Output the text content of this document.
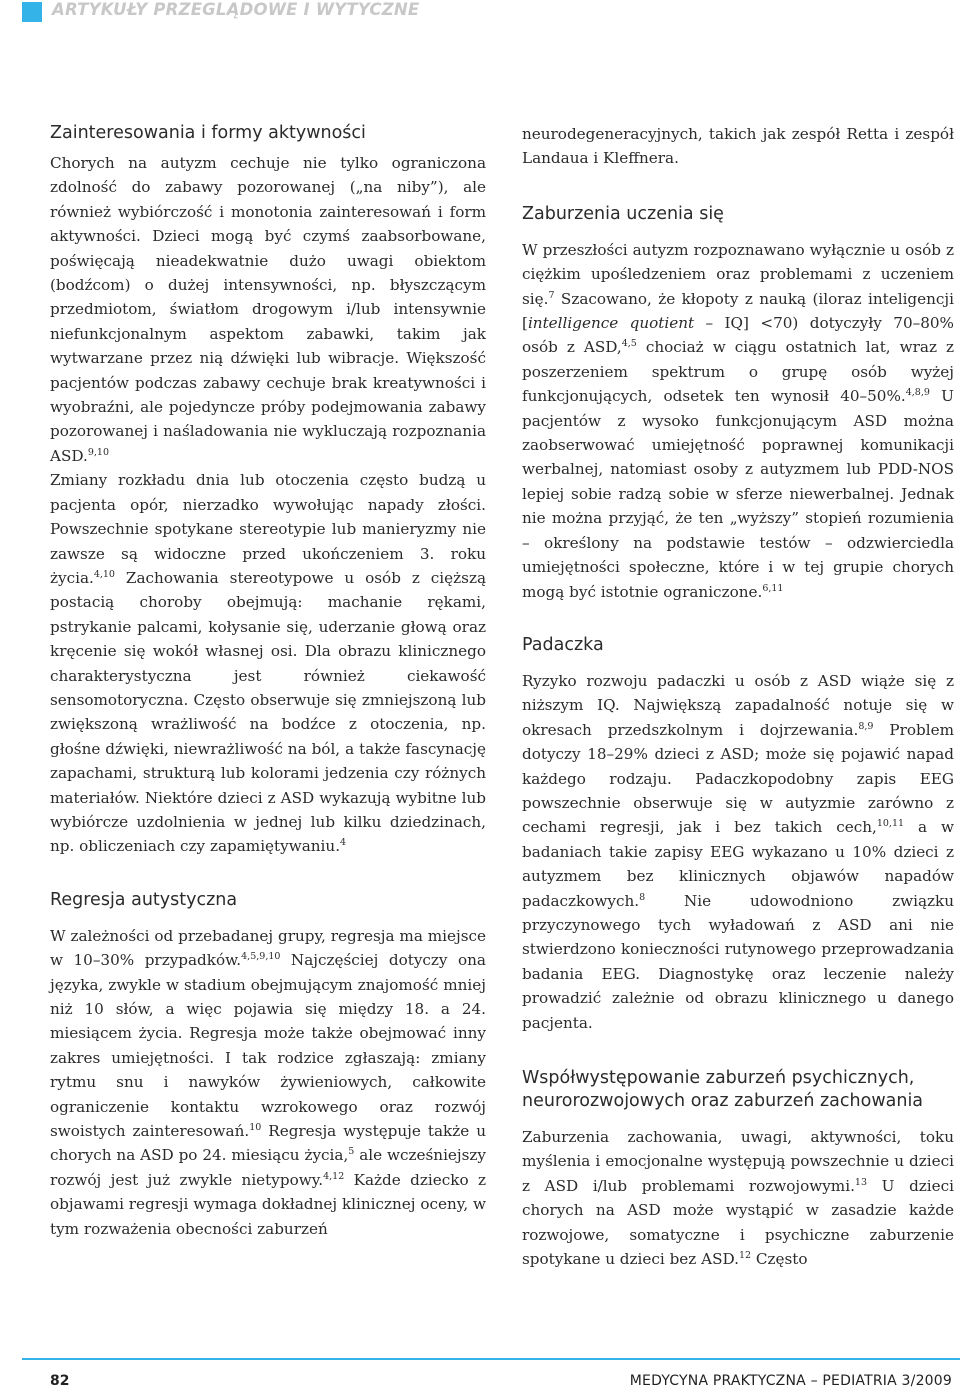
ARTYKUŁY PRZEGLĄDOWE I WYTYCZNE
Zainteresowania i formy aktywności

Chorych na autyzm cechuje nie tylko ograniczona zdolność do zabawy pozorowanej („na niby”), ale również wybiórczość i monotonia zainteresowań i form aktywności. Dzieci mogą być czymś zaabsorbowane, poświęcają nieadekwatnie dużo uwagi obiektom (bodźcom) o dużej intensywności, np. błyszczącym przedmiotom, światłom drogowym i/lub intensywnie niefunkcjonalnym aspektom zabawki, takim jak wytwarzane przez nią dźwięki lub wibracje. Większość pacjentów podczas zabawy cechuje brak kreatywności i wyobraźni, ale pojedyncze próby podejmowania zabawy pozorowanej i naśladowania nie wykluczają rozpoznania ASD.$^{9,10}$

Zmiany rozkładu dnia lub otoczenia często budzą u pacjenta opór, nierzadko wywołując napady złości. Powszechnie spotykane stereotypie lub manieryzmy nie zawsze są widoczne przed ukończeniem 3. roku życia.$^{4,10}$ Zachowania stereotypowe u osób z cięższą postacią choroby obejmują: machanie rękami, pstrykanie palcami, kołysanie się, uderzanie głową oraz kręcenie się wokół własnej osi. Dla obrazu klinicznego charakterystyczna jest również ciekawość sensomotoryczna. Często obserwuje się zmniejszoną lub zwiększoną wrażliwość na bodźce z otoczenia, np. głośne dźwięki, niewrażliwość na ból, a także fascynację zapachami, strukturą lub kolorami jedzenia czy różnych materiałów. Niektóre dzieci z ASD wykazują wybitne lub wybiórcze uzdolnienia w jednej lub kilku dziedzinach, np. obliczeniach czy zapamiętywaniu.$^4$

Regresja autystyczna

W zależności od przebadanej grupy, regresja ma miejsce w 10–30% przypadków.$^{4,5,9,10}$ Najczęściej dotyczy ona języka, zwykle w stadium obejmującym znajomość mniej niż 10 słów, a więc pojawia się między 18. a 24. miesiącem życia. Regresja może także obejmować inny zakres umiejętności. I tak rodzice zgłaszają: zmiany rytmu snu i nawyków żywieniowych, całkowite ograniczenie kontaktu wzrokowego oraz rozwój swoistych zainteresowań.$^{10}$ Regresja występuje także u chorych na ASD po 24. miesiącu życia,$^5$ ale wcześniejszy rozwój jest już zwykle nietypowy.$^{4,12}$ Każde dziecko z objawami regresji wymaga dokładnej klinicznej oceny, w tym rozważenia obecności zaburzeń

neurodegeneracyjnych, takich jak zespół Retta i zespół Landaua i Kleffnera.

Zaburzenia uczenia się

W przeszłości autyzm rozpoznawano wyłącznie u osób z ciężkim upośledzeniem oraz problemami z uczeniem się.$^7$ Szacowano, że kłopoty z nauką (iloraz inteligencji [intelligence quotient – IQ] <70) dotyczyły 70–80% osób z ASD,$^{4,5}$ chociaż w ciągu ostatnich lat, wraz z poszerzeniem spektrum o grupę osób wyżej funkcjonujących, odsetek ten wynosił 40–50%.$^{4,8,9}$ U pacjentów z wysoko funkcjonującym ASD można zaobserwować umiejętność poprawnej komunikacji werbalnej, natomiast osoby z autyzmem lub PDD-NOS lepiej sobie radzą sobie w sferze niewerbalnej. Jednak nie można przyjąć, że ten „wyższy” stopień rozumienia – określony na podstawie testów – odzwierciedla umiejętności społeczne, które i w tej grupie chorych mogą być istotnie ograniczone.$^{6,11}$

Padaczka

Ryzyko rozwoju padaczki u osób z ASD wiąże się z niższym IQ. Największą zapadalność notuje się w okresach przedszkolnym i dojrzewania.$^{8,9}$ Problem dotyczy 18–29% dzieci z ASD; może się pojawić napad każdego rodzaju. Padaczkopodobny zapis EEG powszechnie obserwuje się w autyzmie zarówno z cechami regresji, jak i bez takich cech,$^{10,11}$ a w badaniach takie zapisy EEG wykazano u 10% dzieci z autyzmem bez klinicznych objawów napadów padaczkowych.$^8$ Nie udowodniono związku przyczynowego tych wyładowań z ASD ani nie stwierdzono konieczności rutynowego przeprowadzania badania EEG. Diagnostykę oraz leczenie należy prowadzić zależnie od obrazu klinicznego u danego pacjenta.

Współwystępowanie zaburzeń psychicznych, neurorozwojowych oraz zaburzeń zachowania

Zaburzenia zachowania, uwagi, aktywności, toku myślenia i emocjonalne występują powszechnie u dzieci z ASD i/lub problemami rozwojowymi.$^{13}$ U dzieci chorych na ASD może wystąpić w zasadzie każde rozwojowe, somatyczne i psychiczne zaburzenie spotykane u dzieci bez ASD.$^{12}$ Często

82	MEDYCYNA PRAKTYCZNA – PEDIATRIA 3/2009
